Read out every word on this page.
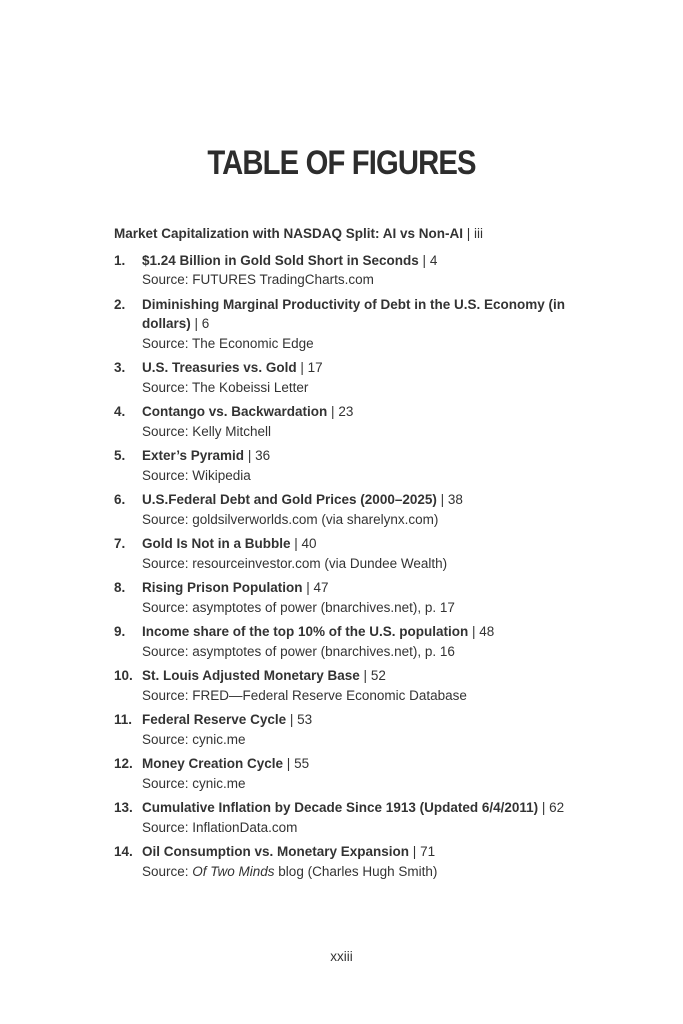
TABLE OF FIGURES
Market Capitalization with NASDAQ Split: AI vs Non-AI | iii
1.	$1.24 Billion in Gold Sold Short in Seconds | 4
Source: FUTURES TradingCharts.com
2.	Diminishing Marginal Productivity of Debt in the U.S. Economy (in dollars) | 6
Source: The Economic Edge
3.	U.S. Treasuries vs. Gold | 17
Source: The Kobeissi Letter
4.	Contango vs. Backwardation | 23
Source: Kelly Mitchell
5.	Exter’s Pyramid | 36
Source: Wikipedia
6.	U.S.Federal Debt and Gold Prices (2000–2025) | 38
Source: goldsilverworlds.com (via sharelynx.com)
7.	Gold Is Not in a Bubble | 40
Source: resourceinvestor.com (via Dundee Wealth)
8.	Rising Prison Population | 47
Source: asymptotes of power (bnarchives.net), p. 17
9.	Income share of the top 10% of the U.S. population | 48
Source: asymptotes of power (bnarchives.net), p. 16
10. St. Louis Adjusted Monetary Base | 52
Source: FRED—Federal Reserve Economic Database
11. Federal Reserve Cycle | 53
Source: cynic.me
12. Money Creation Cycle | 55
Source: cynic.me
13. Cumulative Inflation by Decade Since 1913 (Updated 6/4/2011) | 62
Source: InflationData.com
14. Oil Consumption vs. Monetary Expansion | 71
Source: Of Two Minds blog (Charles Hugh Smith)
xxiii
